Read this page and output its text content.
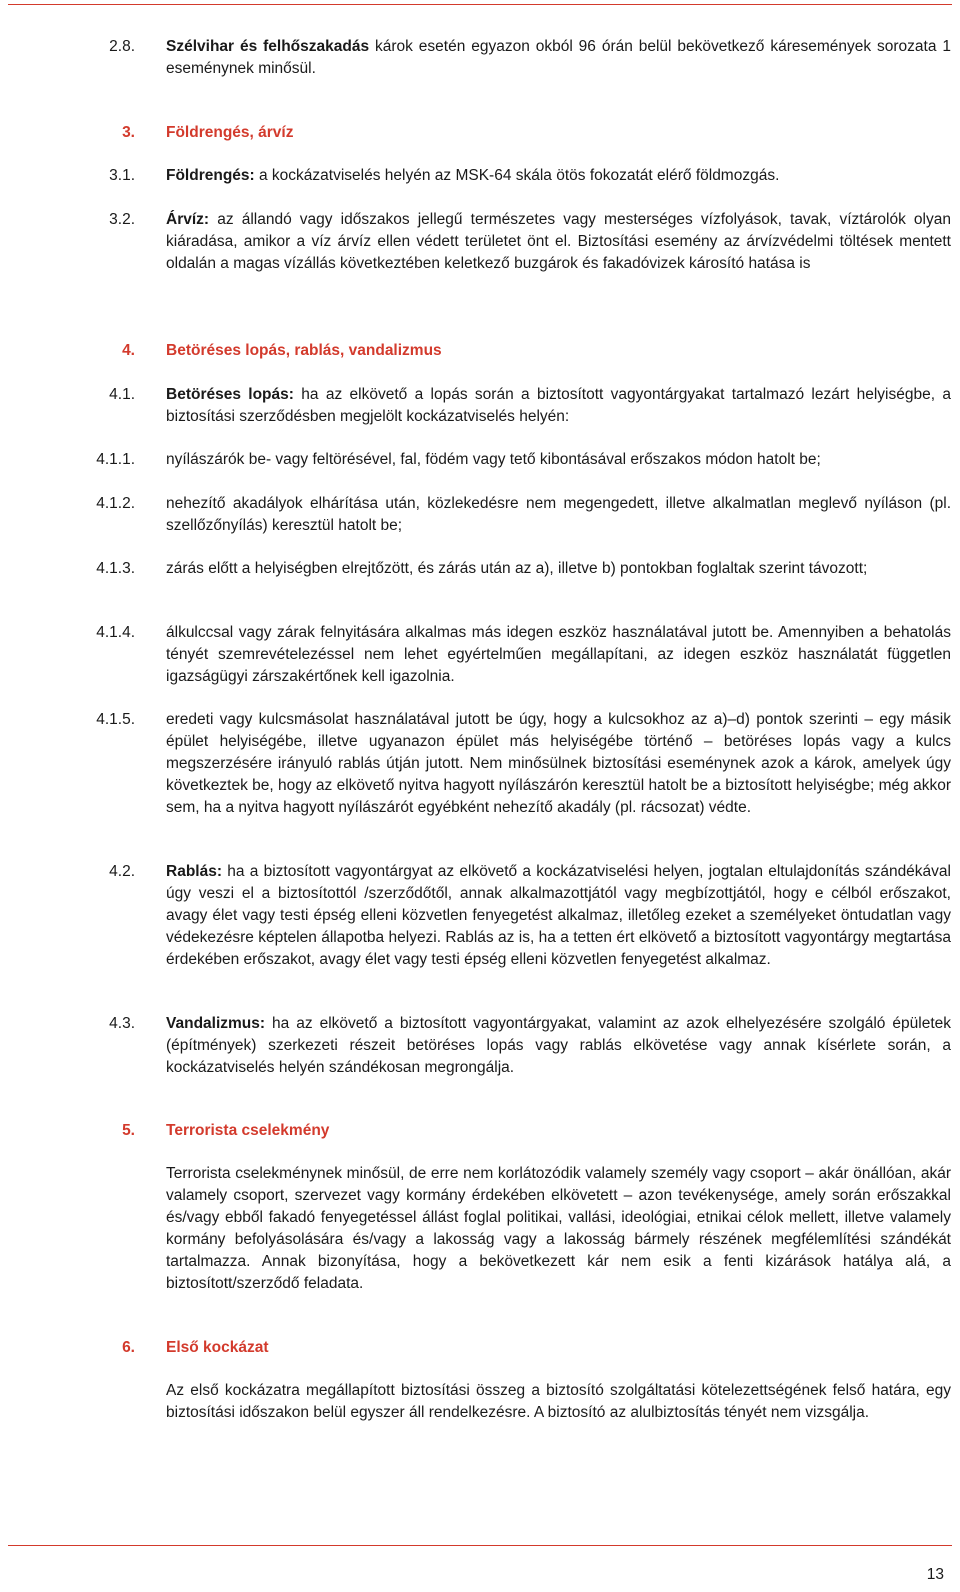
2.8. Szélvihar és felhőszakadás károk esetén egyazon okból 96 órán belül bekövetkező káresemények sorozata 1 eseménynek minősül.
3. Földrengés, árvíz
3.1. Földrengés: a kockázatviselés helyén az MSK-64 skála ötös fokozatát elérő földmozgás.
3.2. Árvíz: az állandó vagy időszakos jellegű természetes vagy mesterséges vízfolyások, tavak, víztárolók olyan kiáradása, amikor a víz árvíz ellen védett területet önt el. Biztosítási esemény az árvízvédelmi töltések mentett oldalán a magas vízállás következtében keletkező buzgárok és fakadóvizek károsító hatása is
4. Betöréses lopás, rablás, vandalizmus
4.1. Betöréses lopás: ha az elkövető a lopás során a biztosított vagyontárgyakat tartalmazó lezárt helyiségbe, a biztosítási szerződésben megjelölt kockázatviselés helyén:
4.1.1. nyílászárók be- vagy feltörésével, fal, födém vagy tető kibontásával erőszakos módon hatolt be;
4.1.2. nehezítő akadályok elhárítása után, közlekedésre nem megengedett, illetve alkalmatlan meglevő nyíláson (pl. szellőzőnyílás) keresztül hatolt be;
4.1.3. zárás előtt a helyiségben elrejtőzött, és zárás után az a), illetve b) pontokban foglaltak szerint távozott;
4.1.4. álkulccsal vagy zárak felnyitására alkalmas más idegen eszköz használatával jutott be. Amennyiben a behatolás tényét szemrevételezéssel nem lehet egyértelműen megállapítani, az idegen eszköz használatát független igazságügyi zárszakértőnek kell igazolnia.
4.1.5. eredeti vagy kulcsmásolat használatával jutott be úgy, hogy a kulcsokhoz az a)–d) pontok szerinti – egy másik épület helyiségébe, illetve ugyanazon épület más helyiségébe történő – betöréses lopás vagy a kulcs megszerzésére irányuló rablás útján jutott. Nem minősülnek biztosítási eseménynek azok a károk, amelyek úgy következtek be, hogy az elkövető nyitva hagyott nyílászárón keresztül hatolt be a biztosított helyiségbe; még akkor sem, ha a nyitva hagyott nyílászárót egyébként nehezítő akadály (pl. rácsozat) védte.
4.2. Rablás: ha a biztosított vagyontárgyat az elkövető a kockázatviselési helyen, jogtalan eltulajdonítás szándékával úgy veszi el a biztosítottól /szerződőtől, annak alkalmazottjától vagy megbízottjától, hogy e célból erőszakot, avagy élet vagy testi épség elleni közvetlen fenyegetést alkalmaz, illetőleg ezeket a személyeket öntudatlan vagy védekezésre képtelen állapotba helyezi. Rablás az is, ha a tetten ért elkövető a biztosított vagyontárgy megtartása érdekében erőszakot, avagy élet vagy testi épség elleni közvetlen fenyegetést alkalmaz.
4.3. Vandalizmus: ha az elkövető a biztosított vagyontárgyakat, valamint az azok elhelyezésére szolgáló épületek (építmények) szerkezeti részeit betöréses lopás vagy rablás elkövetése vagy annak kísérlete során, a kockázatviselés helyén szándékosan megrongálja.
5. Terrorista cselekmény
Terrorista cselekménynek minősül, de erre nem korlátozódik valamely személy vagy csoport – akár önállóan, akár valamely csoport, szervezet vagy kormány érdekében elkövetett – azon tevékenysége, amely során erőszakkal és/vagy ebből fakadó fenyegetéssel állást foglal politikai, vallási, ideológiai, etnikai célok mellett, illetve valamely kormány befolyásolására és/vagy a lakosság vagy a lakosság bármely részének megfélemlítési szándékát tartalmazza. Annak bizonyítása, hogy a bekövetkezett kár nem esik a fenti kizárások hatálya alá, a biztosított/szerződő feladata.
6. Első kockázat
Az első kockázatra megállapított biztosítási összeg a biztosító szolgáltatási kötelezettségének felső határa, egy biztosítási időszakon belül egyszer áll rendelkezésre. A biztosító az alulbiztosítás tényét nem vizsgálja.
13
